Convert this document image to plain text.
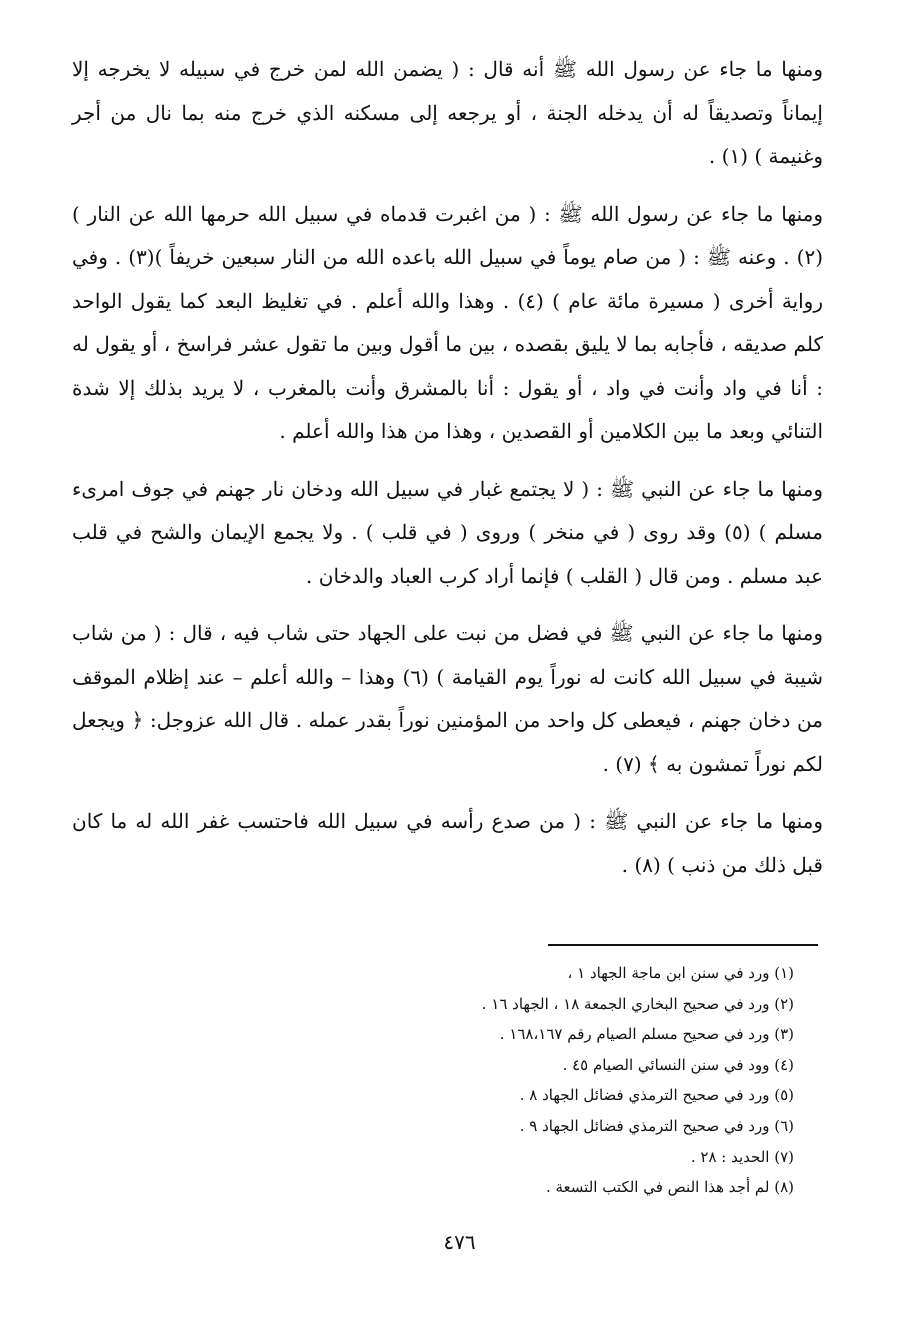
ومنها ما جاء عن رسول الله ﷺ أنه قال : ( يضمن الله لمن خرج في سبيله لا يخرجه إلا إيماناً وتصديقاً له أن يدخله الجنة ، أو يرجعه إلى مسكنه الذي خرج منه بما نال من أجر وغنيمة ) (١) .

ومنها ما جاء عن رسول الله ﷺ : ( من اغبرت قدماه في سبيل الله حرمها الله عن النار ) (٢) . وعنه ﷺ : ( من صام يوماً في سبيل الله باعده الله من النار سبعين خريفاً )(٣) . وفي رواية أخرى ( مسيرة مائة عام ) (٤) . وهذا والله أعلم . في تغليظ البعد كما يقول الواحد كلم صديقه ، فأجابه بما لا يليق بقصده ، بين ما أقول وبين ما تقول عشر فراسخ ، أو يقول له : أنا في واد وأنت في واد ، أو يقول : أنا بالمشرق وأنت بالمغرب ، لا يريد بذلك إلا شدة التنائي وبعد ما بين الكلامين أو القصدين ، وهذا من هذا والله أعلم .

ومنها ما جاء عن النبي ﷺ : ( لا يجتمع غبار في سبيل الله ودخان نار جهنم في جوف امرىء مسلم ) (٥) وقد روى ( في منخر ) وروى ( في قلب ) . ولا يجمع الإيمان والشح في قلب عبد مسلم . ومن قال ( القلب ) فإنما أراد كرب العباد والدخان .

ومنها ما جاء عن النبي ﷺ في فضل من نبت على الجهاد حتى شاب فيه ، قال : ( من شاب شيبة في سبيل الله كانت له نوراً يوم القيامة ) (٦) وهذا – والله أعلم – عند إظلام الموقف من دخان جهنم ، فيعطى كل واحد من المؤمنين نوراً بقدر عمله . قال الله عزوجل: ﴿ ويجعل لكم نوراً تمشون به ﴾ (٧) .

ومنها ما جاء عن النبي ﷺ : ( من صدع رأسه في سبيل الله فاحتسب غفر الله له ما كان قبل ذلك من ذنب ) (٨) .

(١) ورد في سنن ابن ماجة الجهاد ١ ،
(٢) ورد في صحيح البخاري الجمعة ١٨ ، الجهاد ١٦ .
(٣) ورد في صحيح مسلم الصيام رقم ١٦٨،١٦٧ .
(٤) وود في سنن النسائي الصيام ٤٥ .
(٥) ورد في صحيح الترمذي فضائل الجهاد ٨ .
(٦) ورد في صحيح الترمذي فضائل الجهاد ٩ .
(٧) الحديد : ٢٨ .
(٨) لم أجد هذا النص في الكتب التسعة .
٤٧٦
